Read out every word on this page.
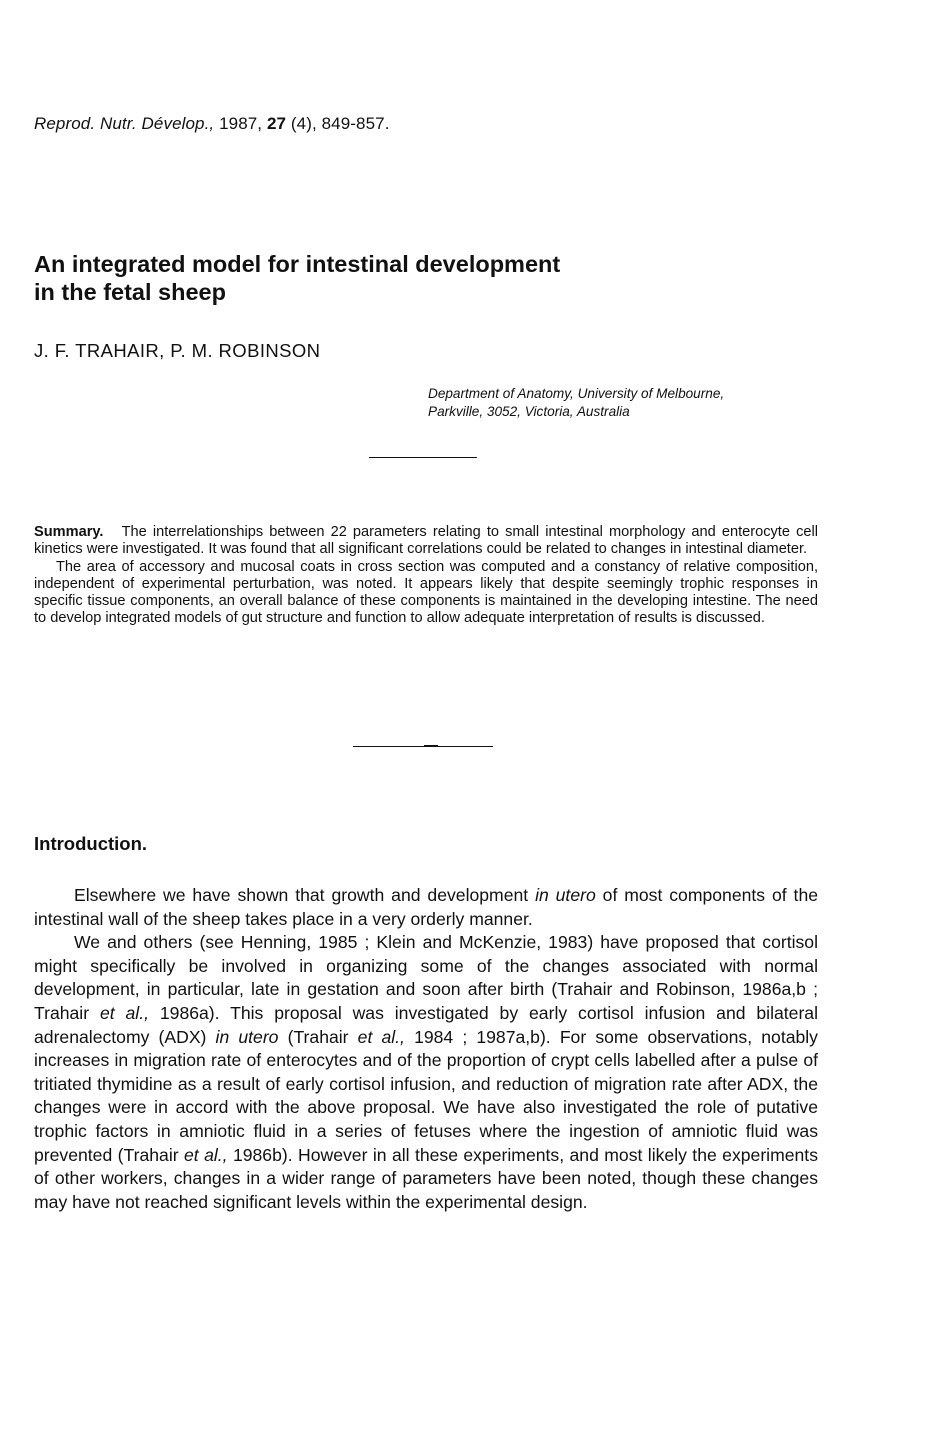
Reprod. Nutr. Dévelop., 1987, 27 (4), 849-857.
An integrated model for intestinal development
in the fetal sheep
J. F. TRAHAIR, P. M. ROBINSON
Department of Anatomy, University of Melbourne,
Parkville, 3052, Victoria, Australia

Summary. The interrelationships between 22 parameters relating to small intestinal morphology and enterocyte cell kinetics were investigated. It was found that all significant correlations could be related to changes in intestinal diameter.

The area of accessory and mucosal coats in cross section was computed and a constancy of relative composition, independent of experimental perturbation, was noted. It appears likely that despite seemingly trophic responses in specific tissue components, an overall balance of these components is maintained in the developing intestine. The need to develop integrated models of gut structure and function to allow adequate interpretation of results is discussed.

Introduction.

Elsewhere we have shown that growth and development in utero of most components of the intestinal wall of the sheep takes place in a very orderly manner.

We and others (see Henning, 1985 ; Klein and McKenzie, 1983) have proposed that cortisol might specifically be involved in organizing some of the changes associated with normal development, in particular, late in gestation and soon after birth (Trahair and Robinson, 1986a,b ; Trahair et al., 1986a). This proposal was investigated by early cortisol infusion and bilateral adrenalectomy (ADX) in utero (Trahair et al., 1984 ; 1987a,b). For some observations, notably increases in migration rate of enterocytes and of the proportion of crypt cells labelled after a pulse of tritiated thymidine as a result of early cortisol infusion, and reduction of migration rate after ADX, the changes were in accord with the above proposal. We have also investigated the role of putative trophic factors in amniotic fluid in a series of fetuses where the ingestion of amniotic fluid was prevented (Trahair et al., 1986b). However in all these experiments, and most likely the experiments of other workers, changes in a wider range of parameters have been noted, though these changes may have not reached significant levels within the experimental design.
